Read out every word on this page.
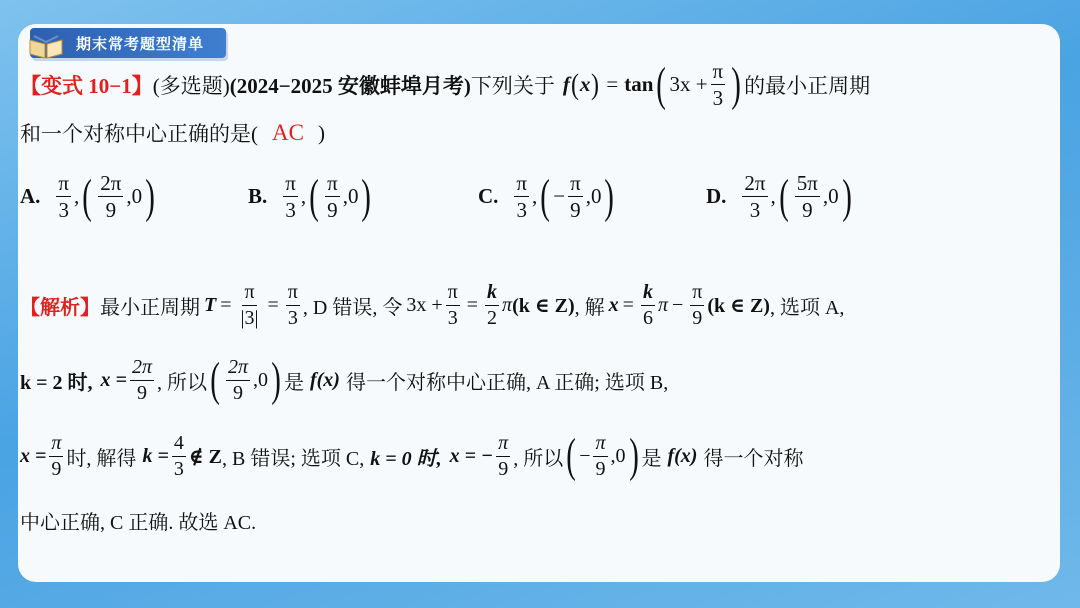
期末常考题型清单
【变式 10−1】 (多选题) (2024−2025 安徽蚌埠月考) 下列关于 f ( x ) = tan ( $3x + \frac{\pi}{3}$ ) 的最小正周期
和一个对称中心正确的是( AC )
A. $\frac{\pi}{3}$ , ( $\frac{2\pi}{9} ,0$ )	B. $\frac{\pi}{3}$ , ( $\frac{\pi}{9} ,0$ )	C. $\frac{\pi}{3}$ , ( − $\frac{\pi}{9} ,0$ )	D. $\frac{2\pi}{3}$ , ( $\frac{5\pi}{9} ,0$ )
【解析】 最小正周期 $T = \frac{\pi}{|3|} = \frac{\pi}{3}$ , D 错误, 令 $3x + \frac{\pi}{3} = \frac{k}{2}$ π (k ∈ Z) , 解 $x = \frac{k}{6}$ $\pi - \frac{\pi}{9} (k$ ∈ Z) , 选项 A,
k = 2 时, $x = \frac{2\pi}{9}$ , 所以 ( $\frac{2\pi}{9} ,0$ ) 是 f(x) 得一个对称中心正确, A 正确; 选项 B,
$x = \frac{\pi}{9}$ 时, 解得 $k = \frac{4}{3}$ ∉ Z , B 错误; 选项 C, k = 0 时, x = − $\frac{\pi}{9}$ , 所以 ( − $\frac{\pi}{9} ,0$ ) 是 f(x) 得一个对称
中心正确, C 正确. 故选 AC.
